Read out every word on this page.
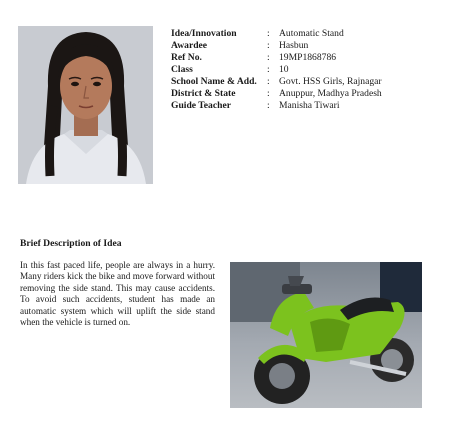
Idea/Innovation	: Automatic Stand
Awardee	: Hasbun
Ref No.	: 19MP1868786
Class	: 10
School Name & Add.	: Govt. HSS Girls, Rajnagar
District & State	: Anuppur, Madhya Pradesh
Guide Teacher	: Manisha Tiwari
Brief Description of Idea
In this fast paced life, people are always in a hurry. Many riders kick the bike and move forward without removing the side stand. This may cause accidents. To avoid such accidents, student has made an automatic system which will uplift the side stand when the vehicle is turned on.
